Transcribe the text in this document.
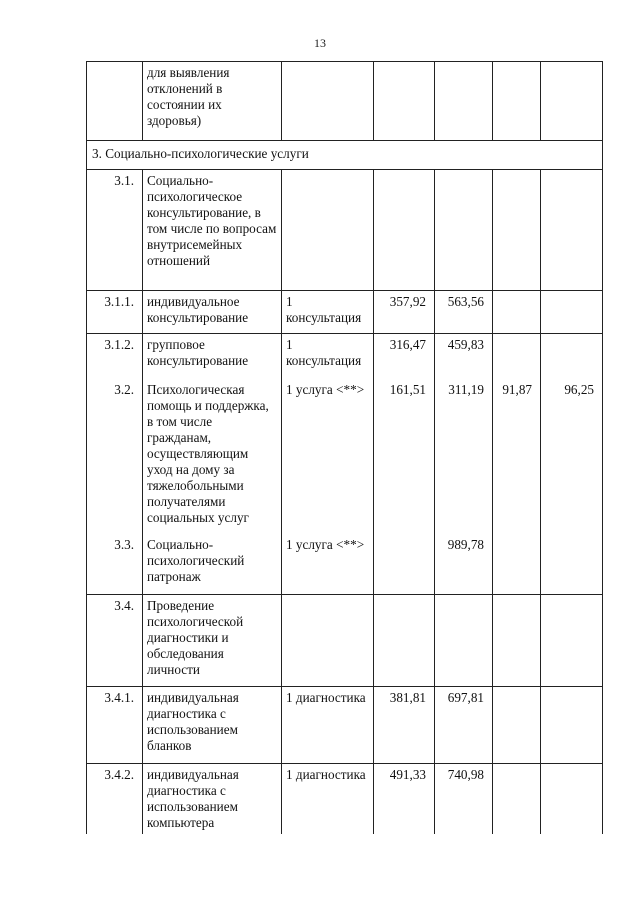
13

	для выявления отклонений в состоянии их здоровья)					

3. Социально-психологические услуги						

3.1.	Социально-психологическое консультирование, в том числе по вопросам внутрисемейных отношений					

3.1.1.	индивидуальное консультирование	1 консультация	357,92	563,56		

3.1.2.	групповое консультирование	1 консультация	316,47	459,83		

3.2.	Психологическая помощь и поддержка, в том числе гражданам, осуществляющим уход на дому за тяжелобольными получателями социальных услуг	1 услуга <**>	161,51	311,19	91,87	96,25

3.3.	Социально-психологический патронаж	1 услуга <**>		989,78		

3.4.	Проведение психологической диагностики и обследования личности					

3.4.1.	индивидуальная диагностика с использованием бланков	1 диагностика	381,81	697,81		

3.4.2.	индивидуальная диагностика с использованием компьютера	1 диагностика	491,33	740,98		
